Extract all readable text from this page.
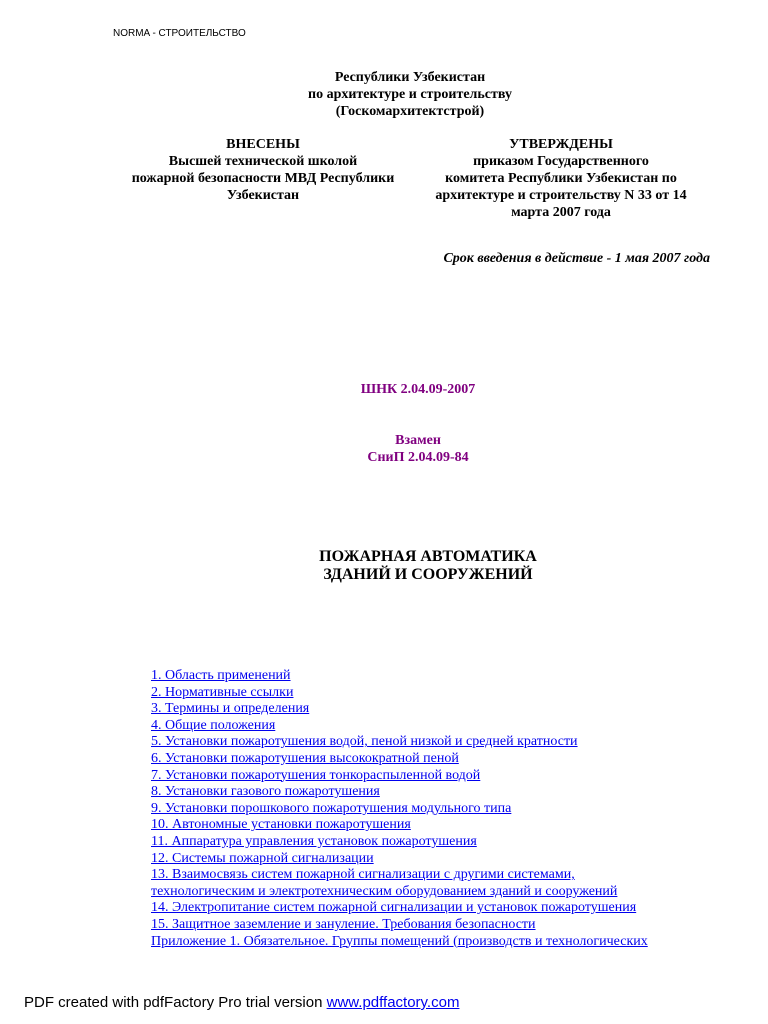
NORMA - СТРОИТЕЛЬСТВО
Республики Узбекистан
по архитектуре и строительству
(Госкомархитектстрой)
ВНЕСЕНЫ
Высшей технической школой
пожарной безопасности МВД Республики
Узбекистан
УТВЕРЖДЕНЫ
приказом Государственного
комитета Республики Узбекистан по
архитектуре и строительству N 33 от 14
марта 2007 года
Срок введения в действие - 1 мая 2007 года
ШНК 2.04.09-2007
Взамен
СниП 2.04.09-84
ПОЖАРНАЯ АВТОМАТИКА
ЗДАНИЙ И СООРУЖЕНИЙ
1. Область применений
2. Нормативные ссылки
3. Термины и определения
4. Общие положения
5. Установки пожаротушения водой, пеной низкой и средней кратности
6. Установки пожаротушения высокократной пеной
7. Установки пожаротушения тонкораспыленной водой
8. Установки газового пожаротушения
9. Установки порошкового пожаротушения модульного типа
10. Автономные установки пожаротушения
11. Аппаратура управления установок пожаротушения
12. Системы пожарной сигнализации
13. Взаимосвязь систем пожарной сигнализации с другими системами,
технологическим и электротехническим оборудованием зданий и сооружений
14. Электропитание систем пожарной сигнализации и установок пожаротушения
15. Защитное заземление и зануление. Требования безопасности
Приложение 1. Обязательное. Группы помещений (производств и технологических
PDF created with pdfFactory Pro trial version www.pdffactory.com
